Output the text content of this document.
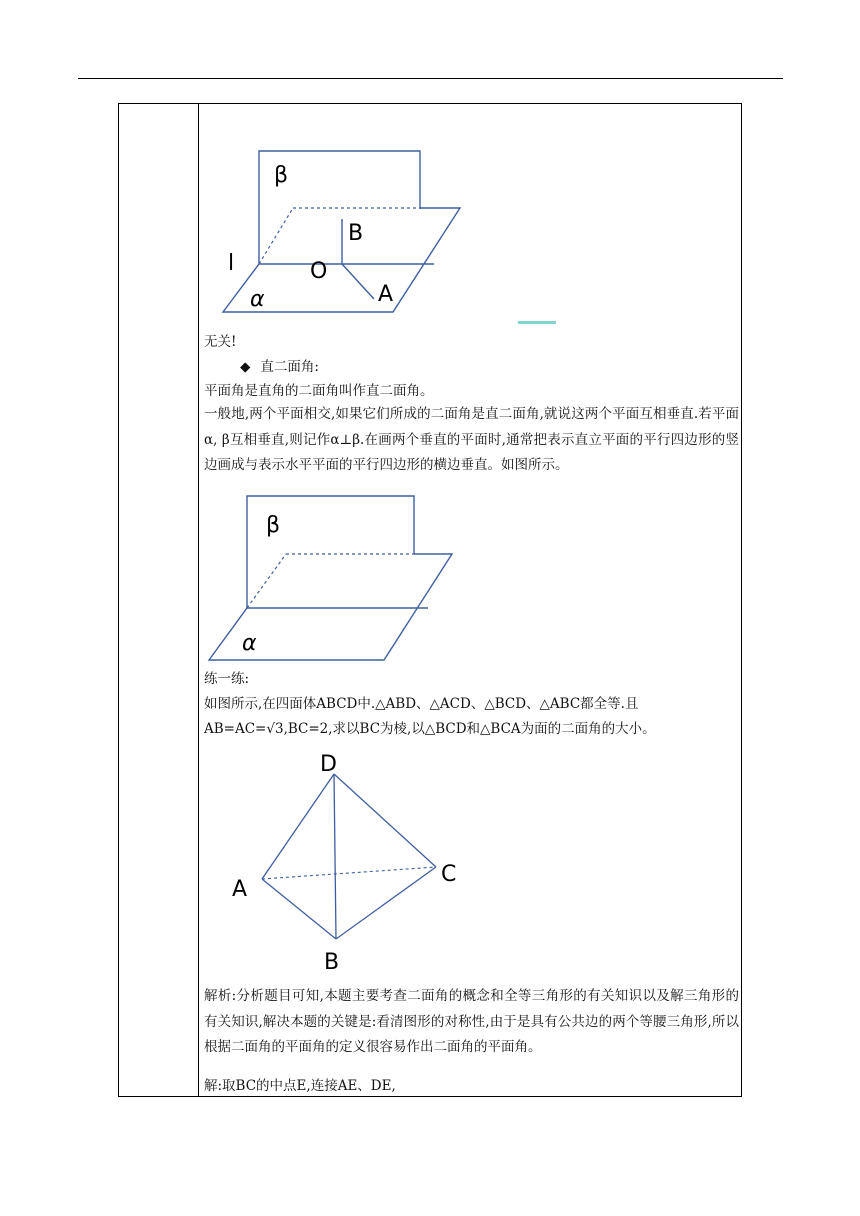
β
l
B
O
A
α
无关!
◆ 直二面角:
平面角是直角的二面角叫作直二面角。
一般地,两个平面相交,如果它们所成的二面角是直二面角,就说这两个平面互相垂直.若平面α, β互相垂直,则记作α⊥β.在画两个垂直的平面时,通常把表示直立平面的平行四边形的竖边画成与表示水平平面的平行四边形的横边垂直。如图所示。
β
α
练一练:
如图所示,在四面体ABCD中.△ABD、△ACD、△BCD、△ABC都全等.且
AB=AC=√3,BC=2,求以BC为棱,以△BCD和△BCA为面的二面角的大小。
D
A
C
B
解析:分析题目可知,本题主要考查二面角的概念和全等三角形的有关知识以及解三角形的有关知识,解决本题的关键是:看清图形的对称性,由于是具有公共边的两个等腰三角形,所以根据二面角的平面角的定义很容易作出二面角的平面角。
解:取BC的中点E,连接AE、DE,
